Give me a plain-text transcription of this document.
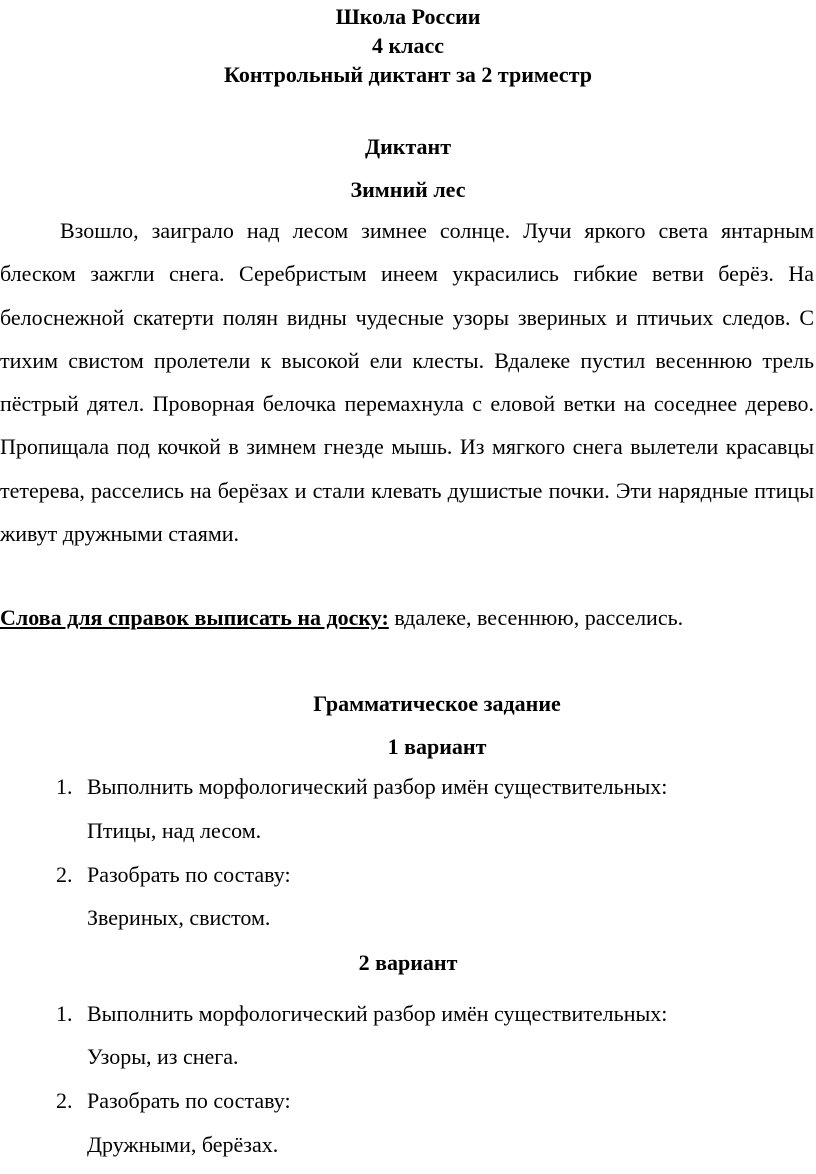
Школа России
4 класс
Контрольный диктант за 2 триместр
Диктант
Зимний лес

Взошло, заиграло над лесом зимнее солнце. Лучи яркого света янтарным блеском зажгли снега. Серебристым инеем украсились гибкие ветви берёз. На белоснежной скатерти полян видны чудесные узоры звериных и птичьих следов. С тихим свистом пролетели к высокой ели клесты. Вдалеке пустил весеннюю трель пёстрый дятел. Проворная белочка перемахнула с еловой ветки на соседнее дерево. Пропищала под кочкой в зимнем гнезде мышь. Из мягкого снега вылетели красавцы тетерева, расселись на берёзах и стали клевать душистые почки. Эти нарядные птицы живут дружными стаями.

Слова для справок выписать на доску: вдалеке, весеннюю, расселись.

Грамматическое задание
1 вариант
1. Выполнить морфологический разбор имён существительных:
Птицы, над лесом.
2. Разобрать по составу:
Звериных, свистом.
2 вариант
1. Выполнить морфологический разбор имён существительных:
Узоры, из снега.
2. Разобрать по составу:
Дружными, берёзах.
